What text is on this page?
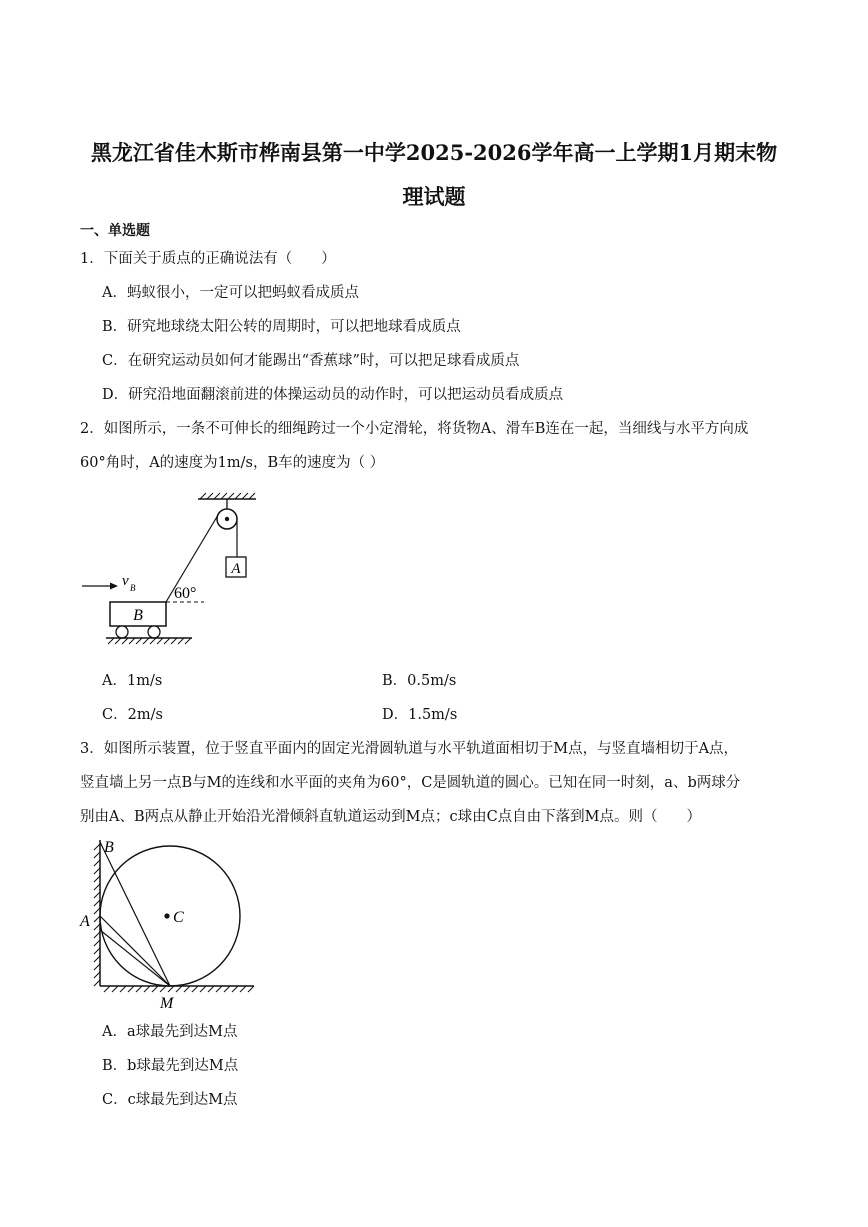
黑龙江省佳木斯市桦南县第一中学2025-2026学年高一上学期1月期末物
理试题
一、单选题
1．下面关于质点的正确说法有（　　）
A．蚂蚁很小，一定可以把蚂蚁看成质点
B．研究地球绕太阳公转的周期时，可以把地球看成质点
C．在研究运动员如何才能踢出“香蕉球”时，可以把足球看成质点
D．研究沿地面翻滚前进的体操运动员的动作时，可以把运动员看成质点
2．如图所示，一条不可伸长的细绳跨过一个小定滑轮，将货物A、滑车B连在一起，当细线与水平方向成
60°角时，A的速度为1m/s，B车的速度为（ ）
A
60°
B
v B
A．1m/s	B．0.5m/s
C．2m/s	D．1.5m/s
3．如图所示装置，位于竖直平面内的固定光滑圆轨道与水平轨道面相切于M点，与竖直墙相切于A点，
竖直墙上另一点B与M的连线和水平面的夹角为60°，C是圆轨道的圆心。已知在同一时刻，a、b两球分
别由A、B两点从静止开始沿光滑倾斜直轨道运动到M点；c球由C点自由下落到M点。则（　　）
B
A	C
M
A．a球最先到达M点
B．b球最先到达M点
C．c球最先到达M点
